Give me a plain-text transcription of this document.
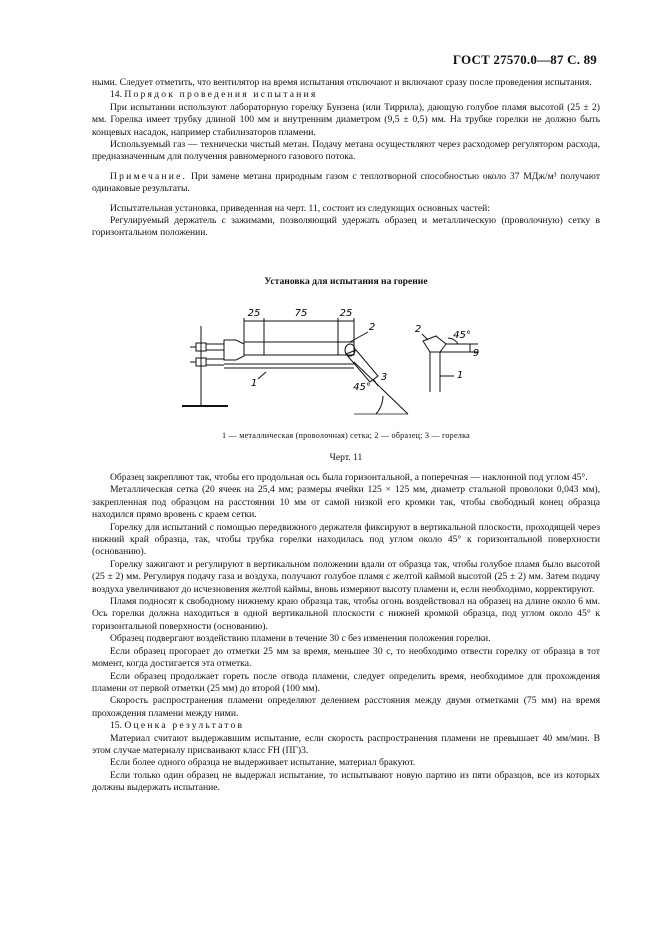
ГОСТ 27570.0—87 С. 89

ными. Следует отметить, что вентилятор на время испытания отключают и включают сразу после проведения испытания.

14. Порядок проведения испытания

При испытании используют лабораторную горелку Бунзена (или Тиррила), дающую голубое пламя высотой (25 ± 2) мм. Горелка имеет трубку длиной 100 мм и внутренним диаметром (9,5 ± 0,5) мм. На трубке горелки не должно быть концевых насадок, например стабилизаторов пламени.

Используемый газ — технически чистый метан. Подачу метана осуществляют через расходомер регулятором расхода, предназначенным для получения равномерного газового потока.

Примечание. При замене метана природным газом с теплотворной способностью около 37 МДж/м³ получают одинаковые результаты.

Испытательная установка, приведенная на черт. 11, состоит из следующих основных частей:

Регулируемый держатель с зажимами, позволяющий удержать образец и металлическую (проволочную) сетку в горизонтальном положении.

Установка для испытания на горение
25	75	25
45°
45°
9
1
2
3	1
2
1 — металлическая (проволочная) сетка; 2 — образец; 3 — горелка
Черт. 11

Образец закрепляют так, чтобы его продольная ось была горизонтальной, а поперечная — наклонной под углом 45°.

Металлическая сетка (20 ячеек на 25,4 мм; размеры ячейки 125 × 125 мм, диаметр стальной проволоки 0,043 мм), закрепленная под образцом на расстоянии 10 мм от самой низкой его кромки так, чтобы свободный конец образца находился прямо вровень с краем сетки.

Горелку для испытаний с помощью передвижного держателя фиксируют в вертикальной плоскости, проходящей через нижний край образца, так, чтобы трубка горелки находилась под углом около 45° к горизонтальной поверхности (основанию).

Горелку зажигают и регулируют в вертикальном положении вдали от образца так, чтобы голубое пламя было высотой (25 ± 2) мм. Регулируя подачу газа и воздуха, получают голубое пламя с желтой каймой высотой (25 ± 2) мм. Затем подачу воздуха увеличивают до исчезновения желтой каймы, вновь измеряют высоту пламени и, если необходимо, корректируют.

Пламя подносят к свободному нижнему краю образца так, чтобы огонь воздействовал на образец на длине около 6 мм. Ось горелки должна находиться в одной вертикальной плоскости с нижней кромкой образца, под углом около 45° к горизонтальной поверхности (основанию).

Образец подвергают воздействию пламени в течение 30 с без изменения положения горелки.

Если образец прогорает до отметки 25 мм за время, меньшее 30 с, то необходимо отвести горелку от образца в тот момент, когда достигается эта отметка.

Если образец продолжает гореть после отвода пламени, следует определить время, необходимое для прохождения пламени от первой отметки (25 мм) до второй (100 мм).

Скорость распространения пламени определяют делением расстояния между двумя отметками (75 мм) на время прохождения пламени между ними.

15. Оценка результатов

Материал считают выдержавшим испытание, если скорость распространения пламени не превышает 40 мм/мин. В этом случае материалу присваивают класс FH (ПГ)3.

Если более одного образца не выдерживает испытание, материал бракуют.

Если только один образец не выдержал испытание, то испытывают новую партию из пяти образцов, все из которых должны выдержать испытание.
